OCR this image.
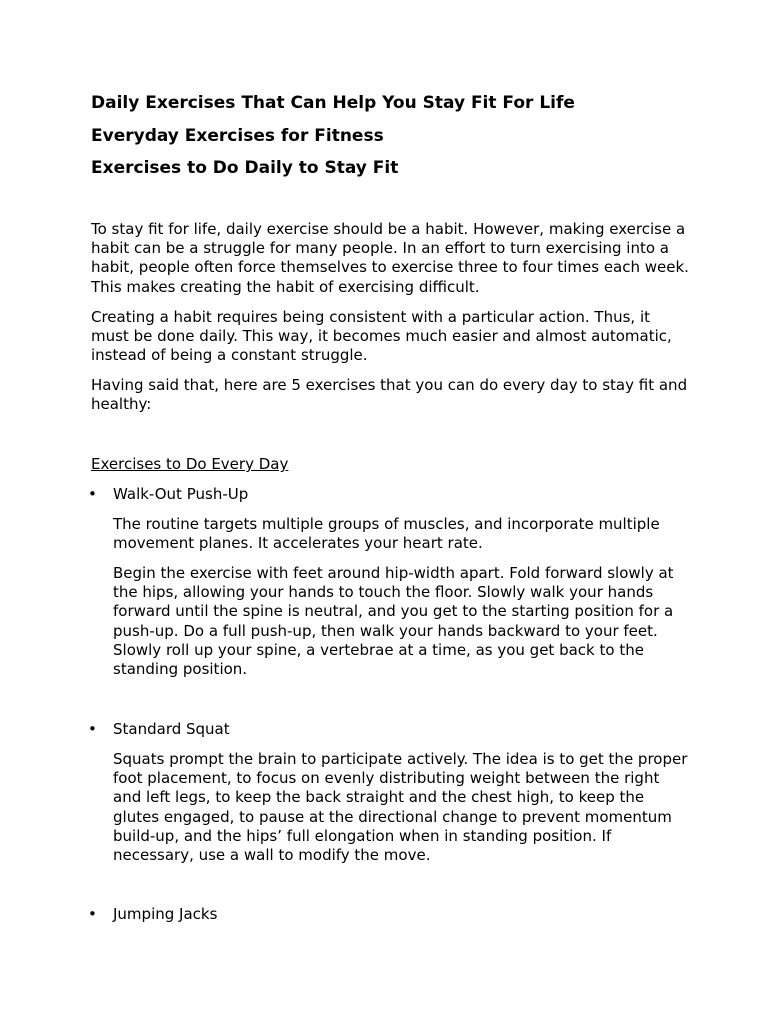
Daily Exercises That Can Help You Stay Fit For Life
Everyday Exercises for Fitness
Exercises to Do Daily to Stay Fit

To stay fit for life, daily exercise should be a habit. However, making exercise a habit can be a struggle for many people. In an effort to turn exercising into a habit, people often force themselves to exercise three to four times each week. This makes creating the habit of exercising difficult.

Creating a habit requires being consistent with a particular action. Thus, it must be done daily. This way, it becomes much easier and almost automatic, instead of being a constant struggle.

Having said that, here are 5 exercises that you can do every day to stay fit and healthy:

Exercises to Do Every Day
• Walk-Out Push-Up

The routine targets multiple groups of muscles, and incorporate multiple movement planes. It accelerates your heart rate.

Begin the exercise with feet around hip-width apart. Fold forward slowly at the hips, allowing your hands to touch the floor. Slowly walk your hands forward until the spine is neutral, and you get to the starting position for a push-up. Do a full push-up, then walk your hands backward to your feet. Slowly roll up your spine, a vertebrae at a time, as you get back to the standing position.

• Standard Squat

Squats prompt the brain to participate actively. The idea is to get the proper foot placement, to focus on evenly distributing weight between the right and left legs, to keep the back straight and the chest high, to keep the glutes engaged, to pause at the directional change to prevent momentum build-up, and the hips’ full elongation when in standing position. If necessary, use a wall to modify the move.

• Jumping Jacks
